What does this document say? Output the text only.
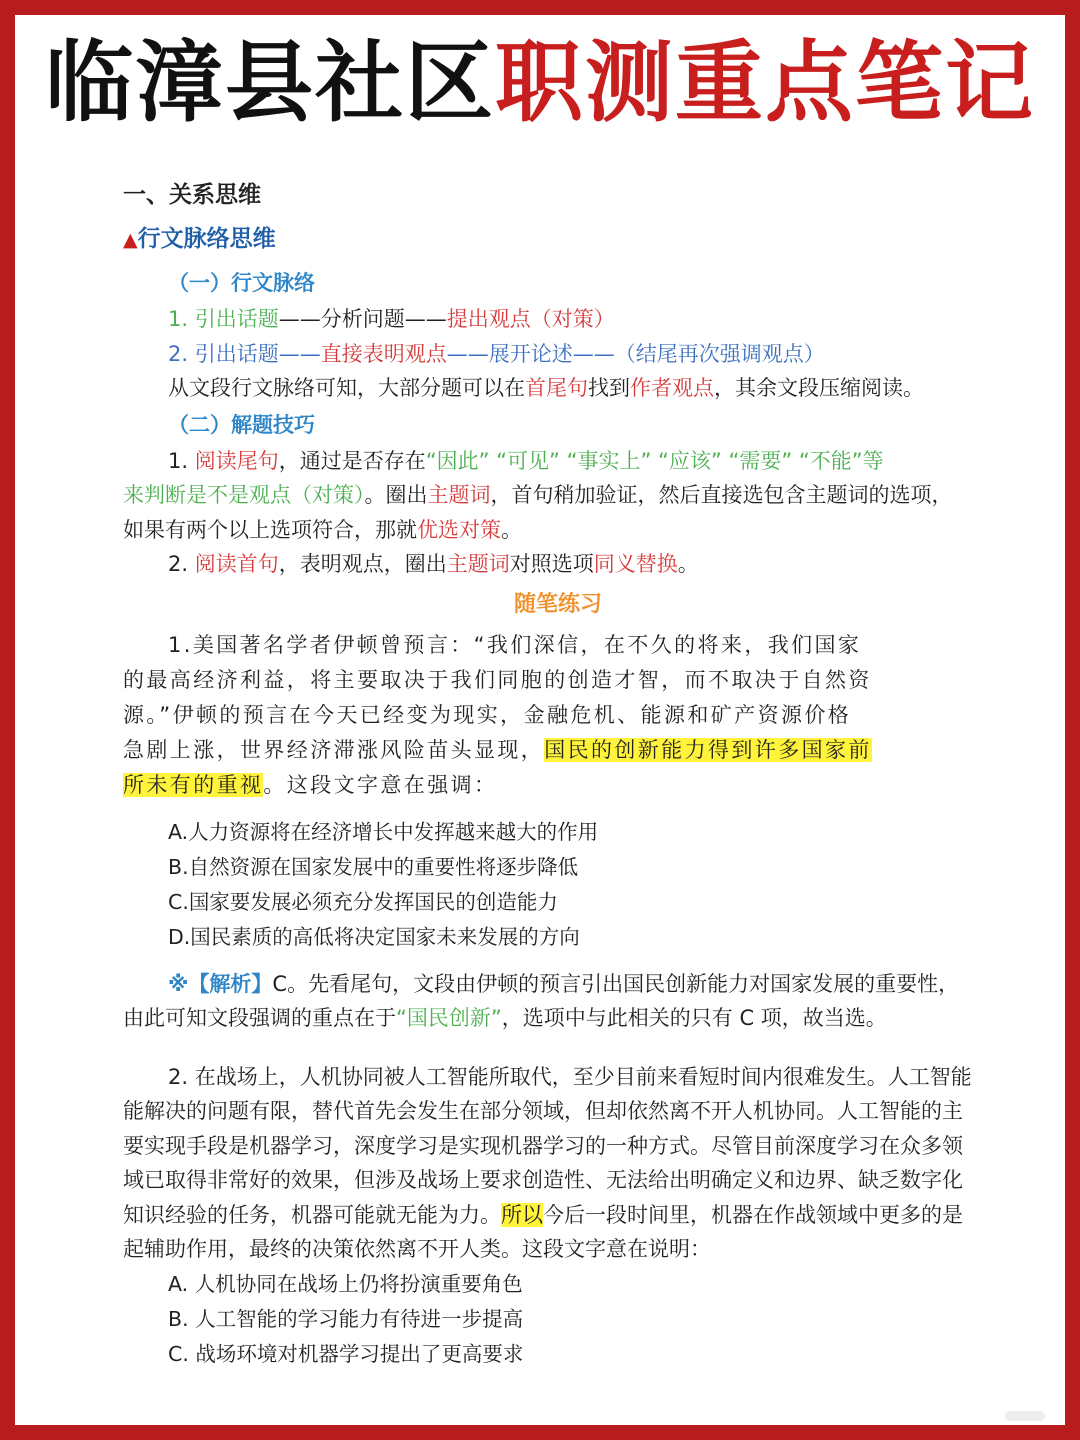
临漳县社区职测重点笔记
一、关系思维
▲行文脉络思维
（一）行文脉络
1. 引出话题——分析问题——提出观点（对策）
2. 引出话题——直接表明观点——展开论述——（结尾再次强调观点）
从文段行文脉络可知，大部分题可以在首尾句找到作者观点，其余文段压缩阅读。
（二）解题技巧
1. 阅读尾句，通过是否存在“因此” “可见” “事实上” “应该” “需要” “不能”等
来判断是不是观点（对策）。圈出主题词，首句稍加验证，然后直接选包含主题词的选项，
如果有两个以上选项符合，那就优选对策。
2. 阅读首句，表明观点，圈出主题词对照选项同义替换。
随笔练习
1.美国著名学者伊顿曾预言：“我们深信，在不久的将来，我们国家
的最高经济利益，将主要取决于我们同胞的创造才智，而不取决于自然资
源。”伊顿的预言在今天已经变为现实，金融危机、能源和矿产资源价格
急剧上涨，世界经济滞涨风险苗头显现，国民的创新能力得到许多国家前
所未有的重视。这段文字意在强调：
A.人力资源将在经济增长中发挥越来越大的作用
B.自然资源在国家发展中的重要性将逐步降低
C.国家要发展必须充分发挥国民的创造能力
D.国民素质的高低将决定国家未来发展的方向
※【解析】C。先看尾句，文段由伊顿的预言引出国民创新能力对国家发展的重要性，
由此可知文段强调的重点在于“国民创新”，选项中与此相关的只有 C 项，故当选。
2. 在战场上，人机协同被人工智能所取代，至少目前来看短时间内很难发生。人工智能
能解决的问题有限，替代首先会发生在部分领域，但却依然离不开人机协同。人工智能的主
要实现手段是机器学习，深度学习是实现机器学习的一种方式。尽管目前深度学习在众多领
域已取得非常好的效果，但涉及战场上要求创造性、无法给出明确定义和边界、缺乏数字化
知识经验的任务，机器可能就无能为力。所以今后一段时间里，机器在作战领域中更多的是
起辅助作用，最终的决策依然离不开人类。这段文字意在说明：
A. 人机协同在战场上仍将扮演重要角色
B. 人工智能的学习能力有待进一步提高
C. 战场环境对机器学习提出了更高要求
